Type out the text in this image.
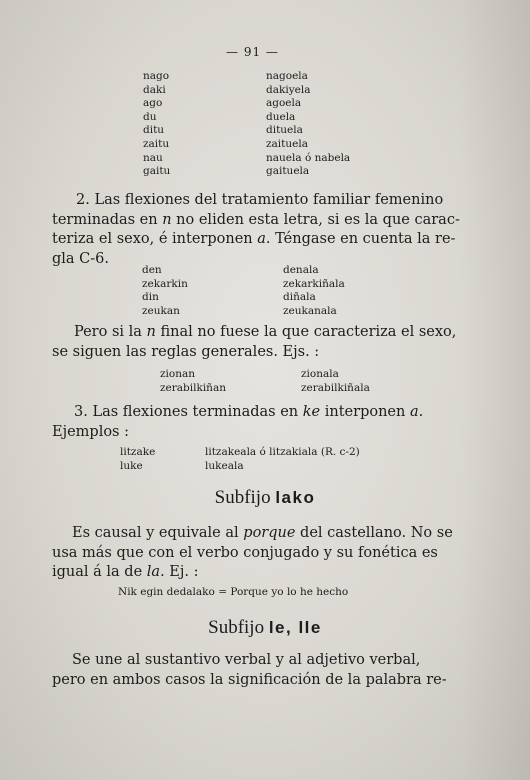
— 91 —
nago
daki
ago
du
ditu
zaitu
nau
gaitu
nagoela
dakiyela
agoela
duela
dituela
zaituela
nauela ó nabela
gaituela
2. Las flexiones del tratamiento familiar femenino
terminadas en n no eliden esta letra, si es la que carac-
teriza el sexo, é interponen a. Téngase en cuenta la re-
gla C-6.
den
zekarkin
din
zeukan
denala
zekarkiñala
diñala
zeukanala
Pero si la n final no fuese la que caracteriza el sexo,
se siguen las reglas generales. Ejs. :
zionan
zerabilkiñan
zionala
zerabilkiñala
3. Las flexiones terminadas en ke interponen a.
Ejemplos :
litzake
luke
litzakeala ó litzakiala (R. c-2)
lukeala
Subfijo lako
Es causal y equivale al porque del castellano. No se
usa más que con el verbo conjugado y su fonética es
igual á la de la. Ej. :
Nik egin dedalako = Porque yo lo he hecho
Subfijo le, lle
Se une al sustantivo verbal y al adjetivo verbal,
pero en ambos casos la significación de la palabra re-
